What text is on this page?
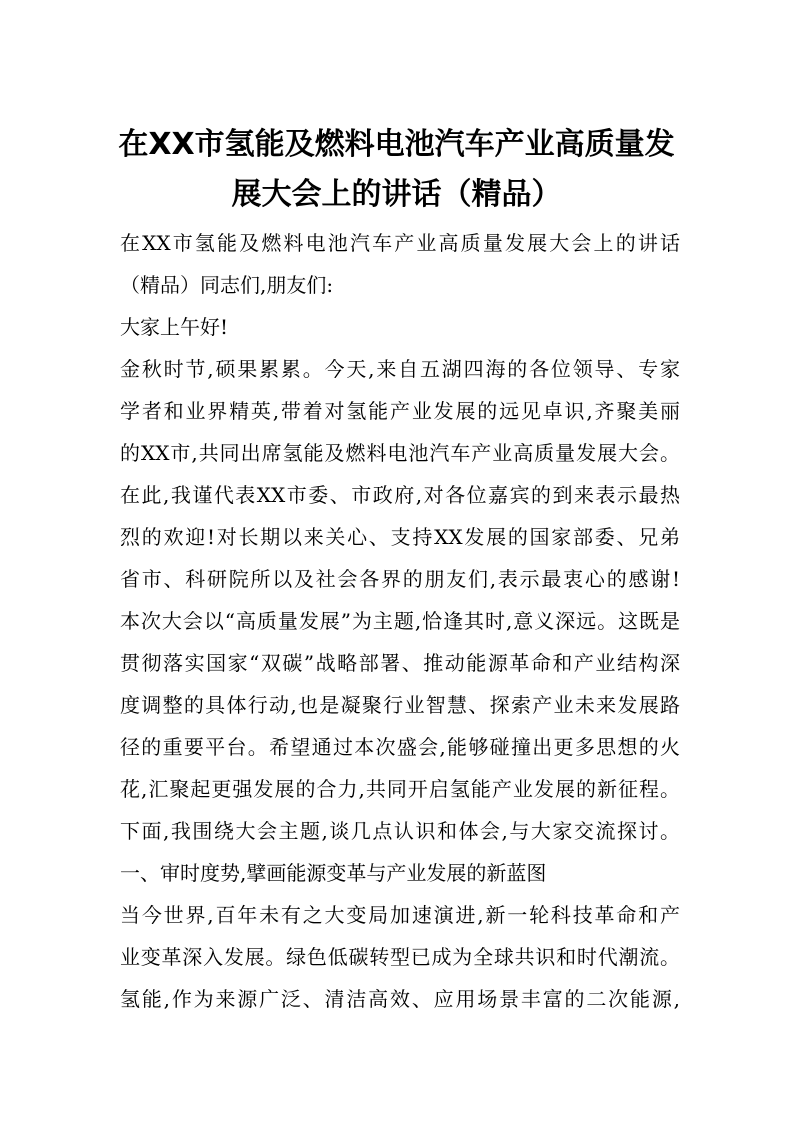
在XX市氢能及燃料电池汽车产业高质量发
展大会上的讲话（精品）
在XX市氢能及燃料电池汽车产业高质量发展大会上的讲话
（精品）同志们,朋友们:
大家上午好!
金秋时节,硕果累累。今天,来自五湖四海的各位领导、专家
学者和业界精英,带着对氢能产业发展的远见卓识,齐聚美丽
的XX市,共同出席氢能及燃料电池汽车产业高质量发展大会。
在此,我谨代表XX市委、市政府,对各位嘉宾的到来表示最热
烈的欢迎!对长期以来关心、支持XX发展的国家部委、兄弟
省市、科研院所以及社会各界的朋友们,表示最衷心的感谢!
本次大会以“高质量发展”为主题,恰逢其时,意义深远。这既是
贯彻落实国家“双碳”战略部署、推动能源革命和产业结构深
度调整的具体行动,也是凝聚行业智慧、探索产业未来发展路
径的重要平台。希望通过本次盛会,能够碰撞出更多思想的火
花,汇聚起更强发展的合力,共同开启氢能产业发展的新征程。
下面,我围绕大会主题,谈几点认识和体会,与大家交流探讨。
一、审时度势,擘画能源变革与产业发展的新蓝图
当今世界,百年未有之大变局加速演进,新一轮科技革命和产
业变革深入发展。绿色低碳转型已成为全球共识和时代潮流。
氢能,作为来源广泛、清洁高效、应用场景丰富的二次能源,
